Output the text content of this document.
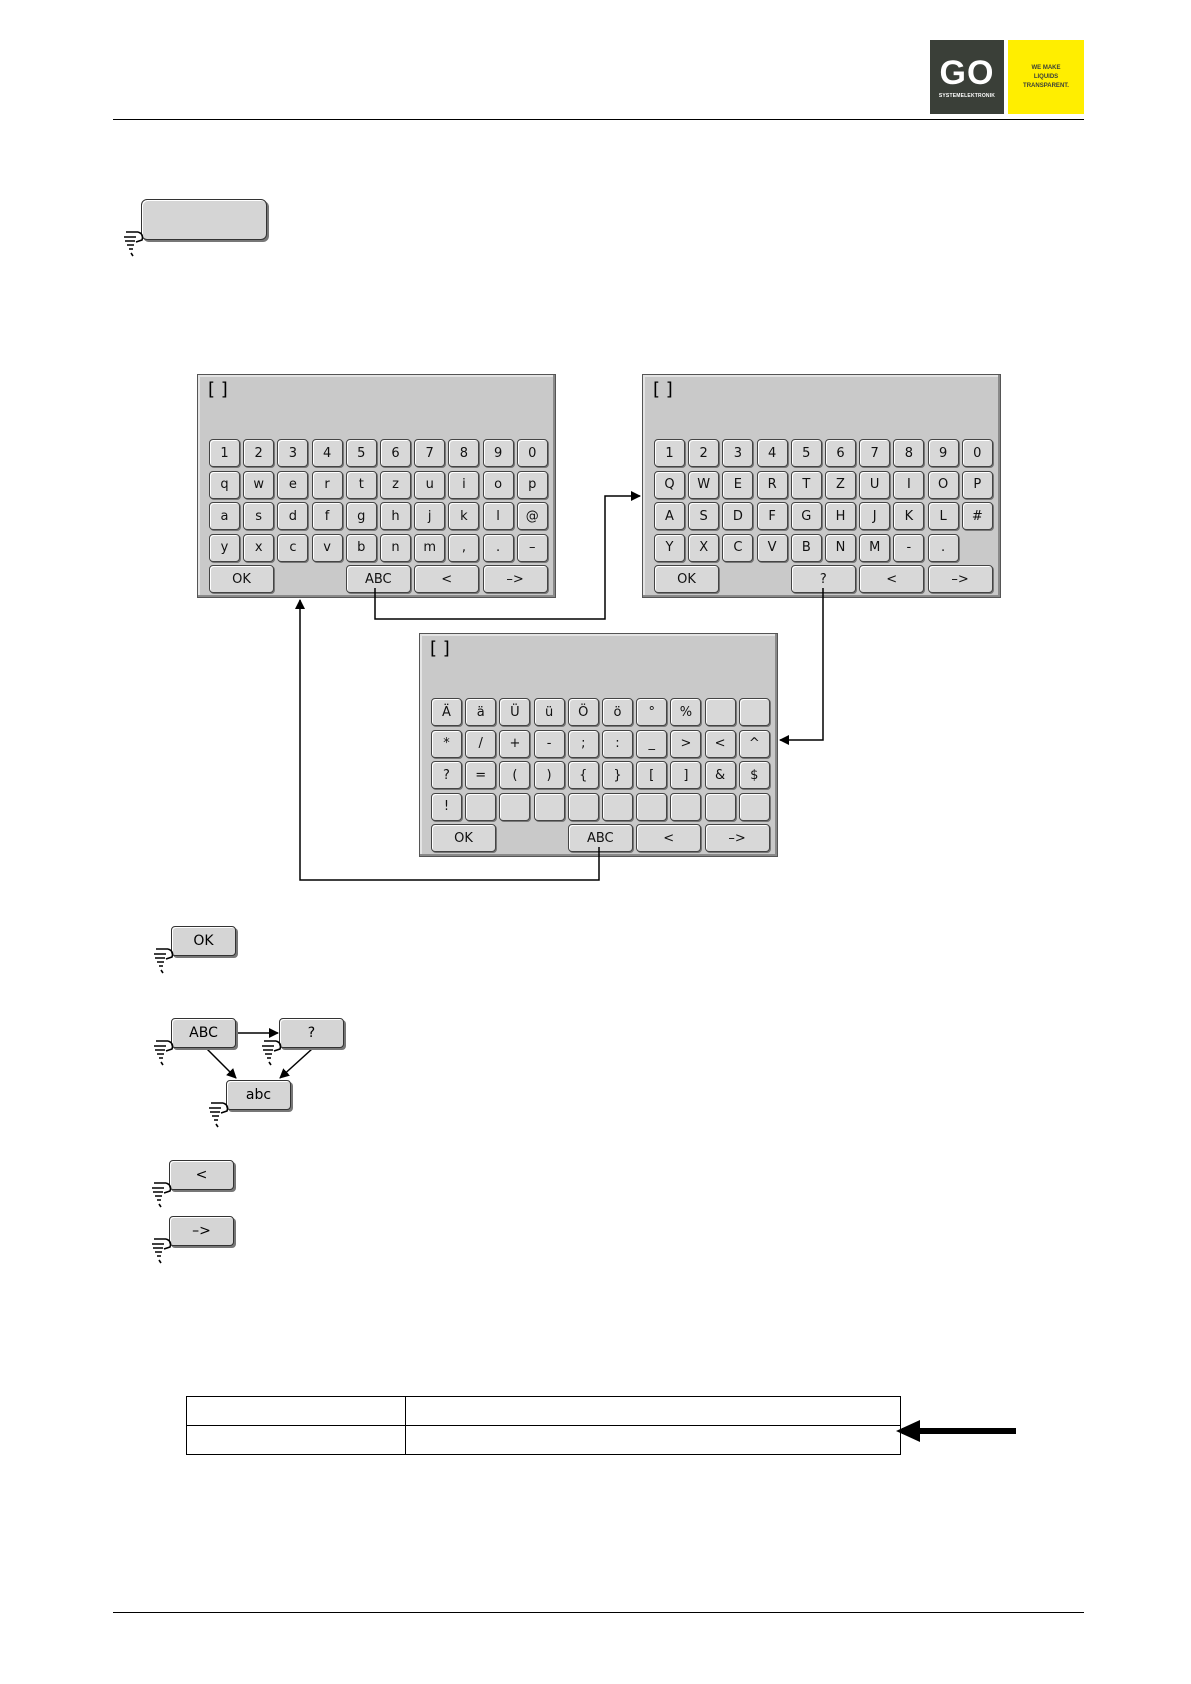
GO
SYSTEMELEKTRONIK
WE MAKE
LIQUIDS
TRANSPARENT.
[ ]
1	2	3	4	5	6	7	8	9	0
q	w	e	r	t	z	u	i	o	p
a	s	d	f	g	h	j	k	l	@
y	x	c	v	b	n	m	,	.	–
OK	ABC	<	–>
[ ]
1	2	3	4	5	6	7	8	9	0
Q	W	E	R	T	Z	U	I	O	P
A	S	D	F	G	H	J	K	L	#
Y	X	C	V	B	N	M	-	.
OK	?	<	–>
[ ]
Ä	ä	Ü	ü	Ö	ö	°	%
*	/	+	-	;	:	_	>	<	^
?	=	(	)	{	}	[	]	&	$
!
OK	ABC	<	–>
OK
ABC	?
abc
<
–>
